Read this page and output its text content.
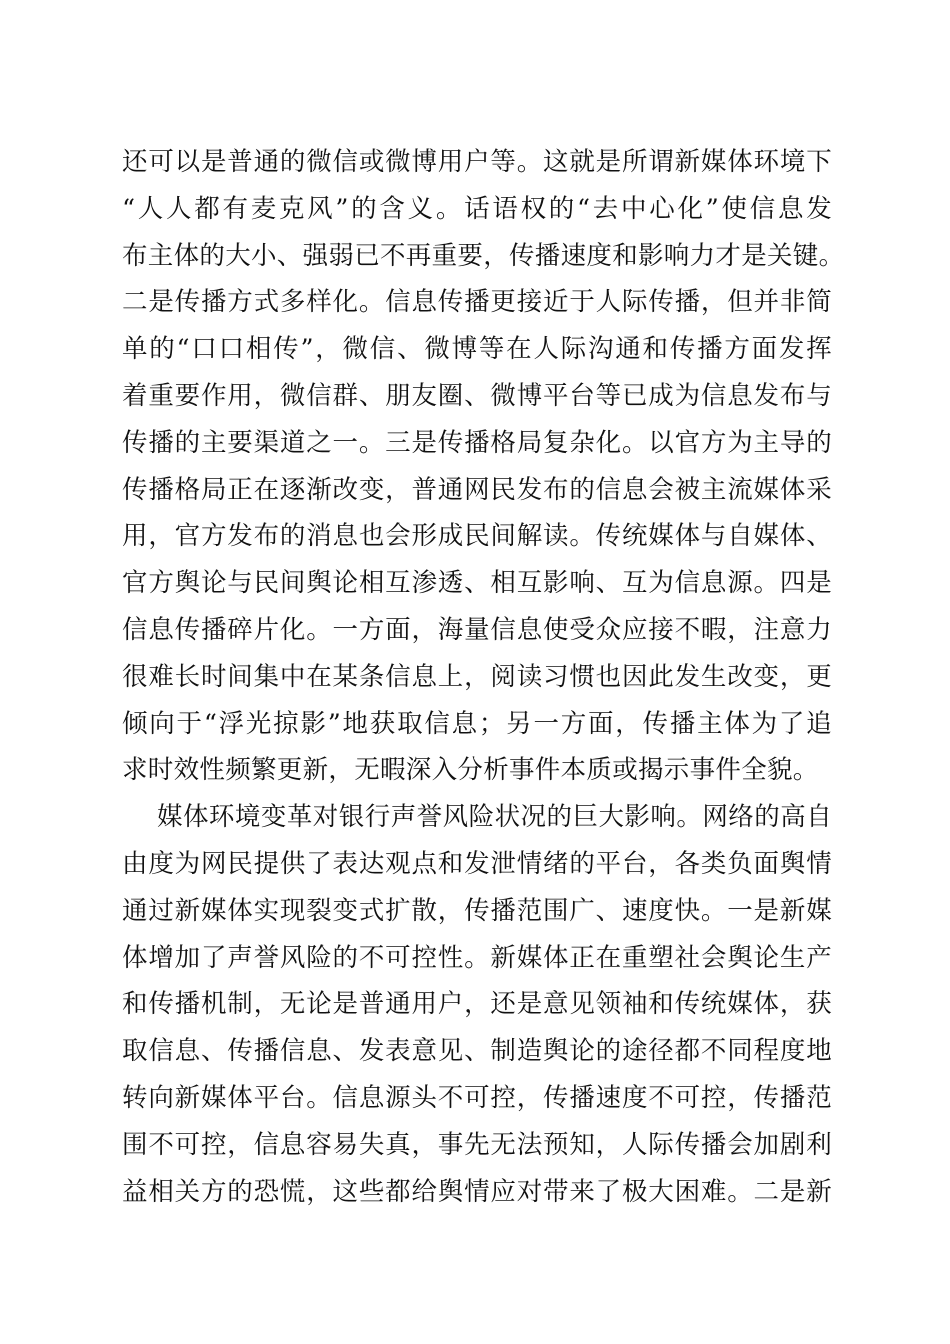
还可以是普通的微信或微博用户等。这就是所谓新媒体环境下
“人人都有麦克风”的含义。话语权的“去中心化”使信息发
布主体的大小、强弱已不再重要，传播速度和影响力才是关键。
二是传播方式多样化。信息传播更接近于人际传播，但并非简
单的“口口相传”，微信、微博等在人际沟通和传播方面发挥
着重要作用，微信群、朋友圈、微博平台等已成为信息发布与
传播的主要渠道之一。三是传播格局复杂化。以官方为主导的
传播格局正在逐渐改变，普通网民发布的信息会被主流媒体采
用，官方发布的消息也会形成民间解读。传统媒体与自媒体、
官方舆论与民间舆论相互渗透、相互影响、互为信息源。四是
信息传播碎片化。一方面，海量信息使受众应接不暇，注意力
很难长时间集中在某条信息上，阅读习惯也因此发生改变，更
倾向于“浮光掠影”地获取信息；另一方面，传播主体为了追
求时效性频繁更新，无暇深入分析事件本质或揭示事件全貌。
媒体环境变革对银行声誉风险状况的巨大影响。网络的高自
由度为网民提供了表达观点和发泄情绪的平台，各类负面舆情
通过新媒体实现裂变式扩散，传播范围广、速度快。一是新媒
体增加了声誉风险的不可控性。新媒体正在重塑社会舆论生产
和传播机制，无论是普通用户，还是意见领袖和传统媒体，获
取信息、传播信息、发表意见、制造舆论的途径都不同程度地
转向新媒体平台。信息源头不可控，传播速度不可控，传播范
围不可控，信息容易失真，事先无法预知，人际传播会加剧利
益相关方的恐慌，这些都给舆情应对带来了极大困难。二是新
